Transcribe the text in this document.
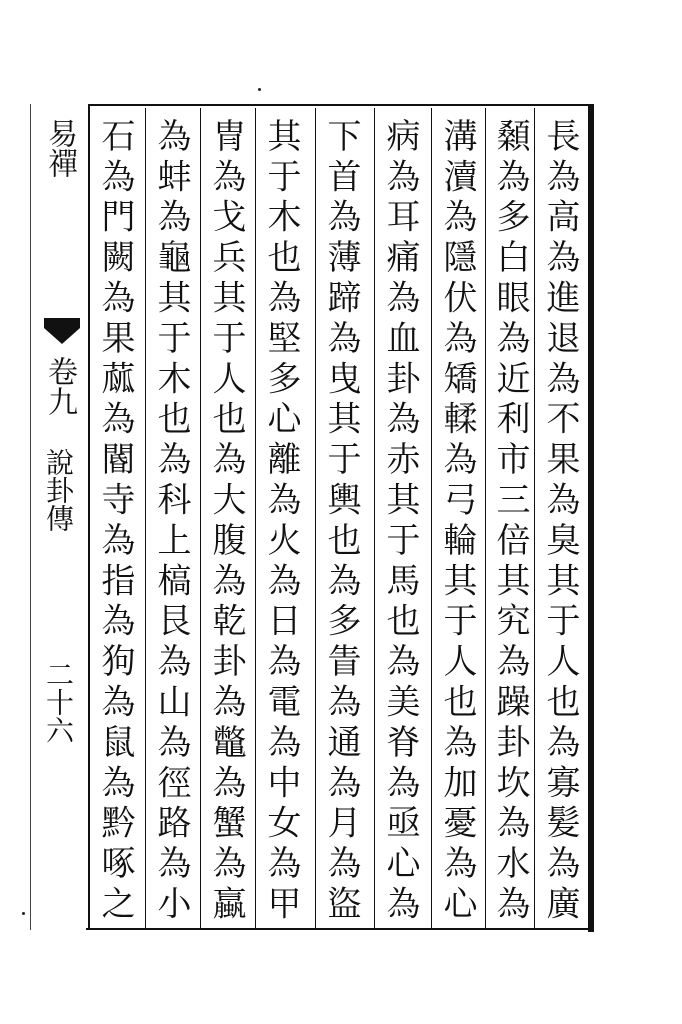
長為高為進退為不果為臭其于人也為寡髪為廣
顙為多白眼為近利市三倍其究為躁卦坎為水為
溝瀆為隱伏為矯輮為弓輪其于人也為加憂為心
病為耳痛為血卦為赤其于馬也為美脊為亟心為
下首為薄蹄為曳其于輿也為多眚為通為月為盜
其于木也為堅多心離為火為日為電為中女為甲
冑為戈兵其于人也為大腹為乾卦為鼈為蟹為蠃
為蚌為龜其于木也為科上槁艮為山為徑路為小
石為門闕為果蓏為閽寺為指為狗為鼠為黔啄之
易禪
卷九
說卦傳
二十六
